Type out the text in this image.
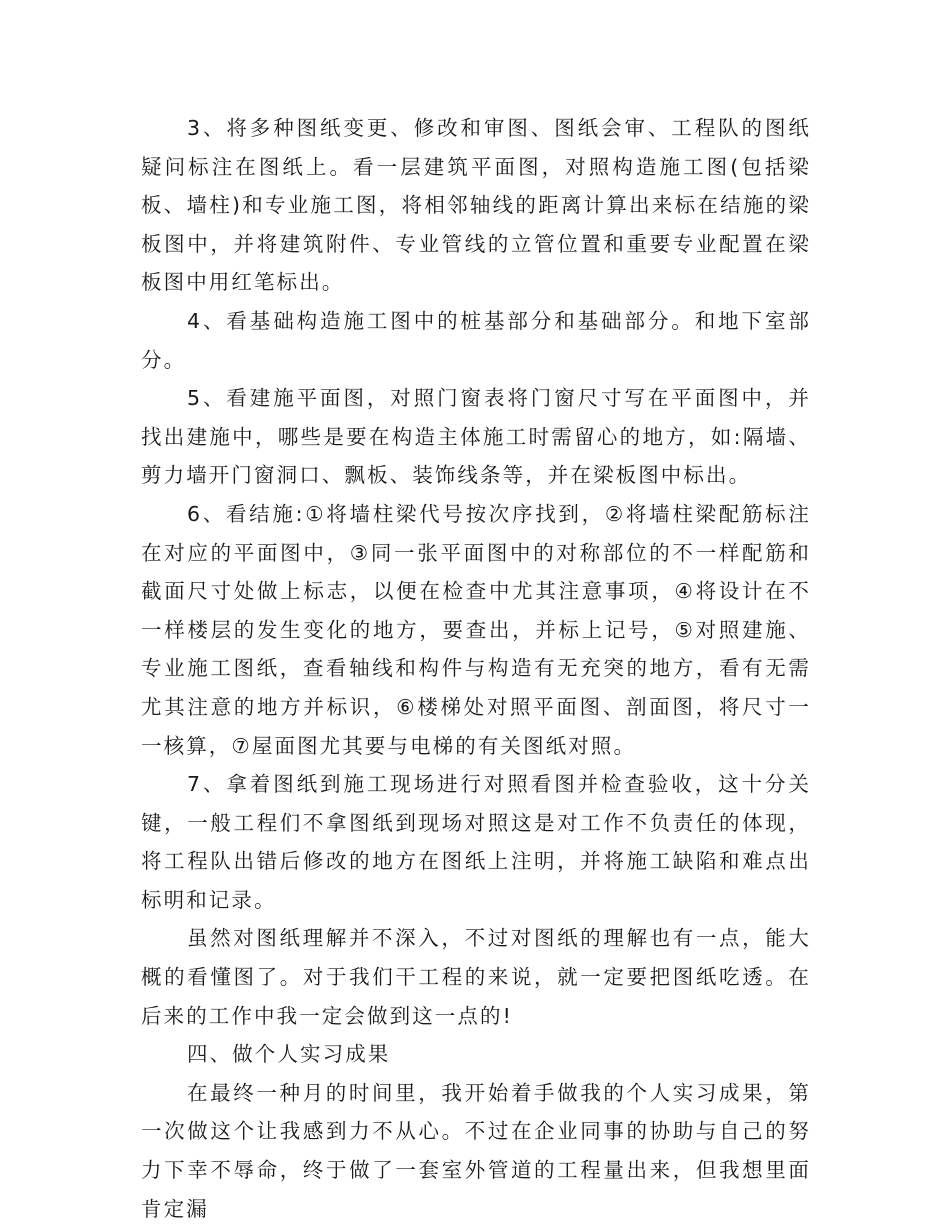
3、将多种图纸变更、修改和审图、图纸会审、工程队的图纸疑问标注在图纸上。看一层建筑平面图，对照构造施工图(包括梁板、墙柱)和专业施工图，将相邻轴线的距离计算出来标在结施的梁板图中，并将建筑附件、专业管线的立管位置和重要专业配置在梁板图中用红笔标出。

4、看基础构造施工图中的桩基部分和基础部分。和地下室部分。

5、看建施平面图，对照门窗表将门窗尺寸写在平面图中，并找出建施中，哪些是要在构造主体施工时需留心的地方，如:隔墙、剪力墙开门窗洞口、飘板、装饰线条等，并在梁板图中标出。

6、看结施:①将墙柱梁代号按次序找到，②将墙柱梁配筋标注在对应的平面图中，③同一张平面图中的对称部位的不一样配筋和截面尺寸处做上标志，以便在检查中尤其注意事项，④将设计在不一样楼层的发生变化的地方，要查出，并标上记号，⑤对照建施、专业施工图纸，查看轴线和构件与构造有无充突的地方，看有无需尤其注意的地方并标识，⑥楼梯处对照平面图、剖面图，将尺寸一一核算，⑦屋面图尤其要与电梯的有关图纸对照。

7、拿着图纸到施工现场进行对照看图并检查验收，这十分关键，一般工程们不拿图纸到现场对照这是对工作不负责任的体现，将工程队出错后修改的地方在图纸上注明，并将施工缺陷和难点出标明和记录。

虽然对图纸理解并不深入，不过对图纸的理解也有一点，能大概的看懂图了。对于我们干工程的来说，就一定要把图纸吃透。在后来的工作中我一定会做到这一点的!

四、做个人实习成果

在最终一种月的时间里，我开始着手做我的个人实习成果，第一次做这个让我感到力不从心。不过在企业同事的协助与自己的努力下幸不辱命，终于做了一套室外管道的工程量出来，但我想里面肯定漏
